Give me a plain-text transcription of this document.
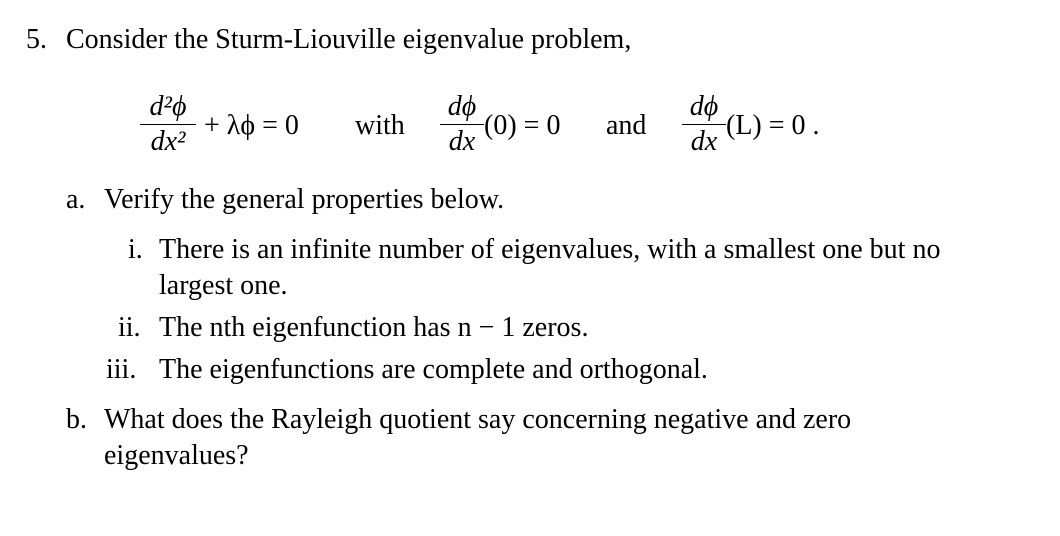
5. Consider the Sturm-Liouville eigenvalue problem,
d²ϕ
dx²
+ λϕ = 0 with
dϕ
dx
(0) = 0 and
dϕ
dx
(L) = 0 .
a. Verify the general properties below.
i. There is an infinite number of eigenvalues, with a smallest one but no
largest one.
ii. The nth eigenfunction has n − 1 zeros.
iii. The eigenfunctions are complete and orthogonal.
b. What does the Rayleigh quotient say concerning negative and zero
eigenvalues?
